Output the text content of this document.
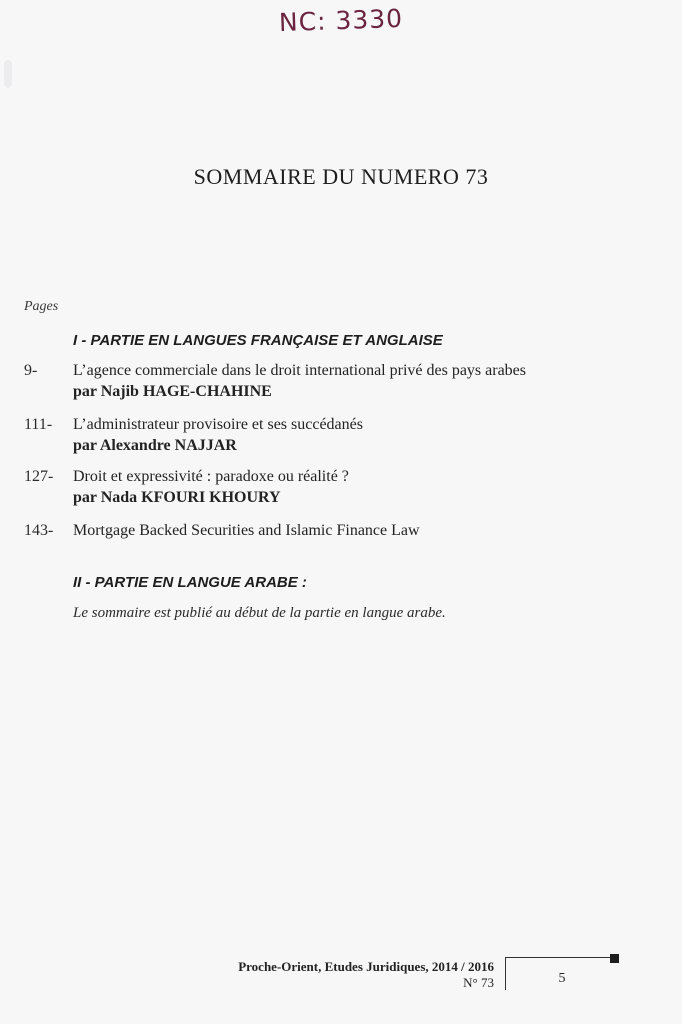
NC: 3330
SOMMAIRE DU NUMERO 73
Pages
I - PARTIE EN LANGUES FRANÇAISE ET ANGLAISE
9- L’agence commerciale dans le droit international privé des pays arabes
par Najib HAGE-CHAHINE
111- L’administrateur provisoire et ses succédanés
par Alexandre NAJJAR
127- Droit et expressivité : paradoxe ou réalité ?
par Nada KFOURI KHOURY
143- Mortgage Backed Securities and Islamic Finance Law
II - PARTIE EN LANGUE ARABE :
Le sommaire est publié au début de la partie en langue arabe.
Proche-Orient, Etudes Juridiques, 2014 / 2016
N° 73	5
